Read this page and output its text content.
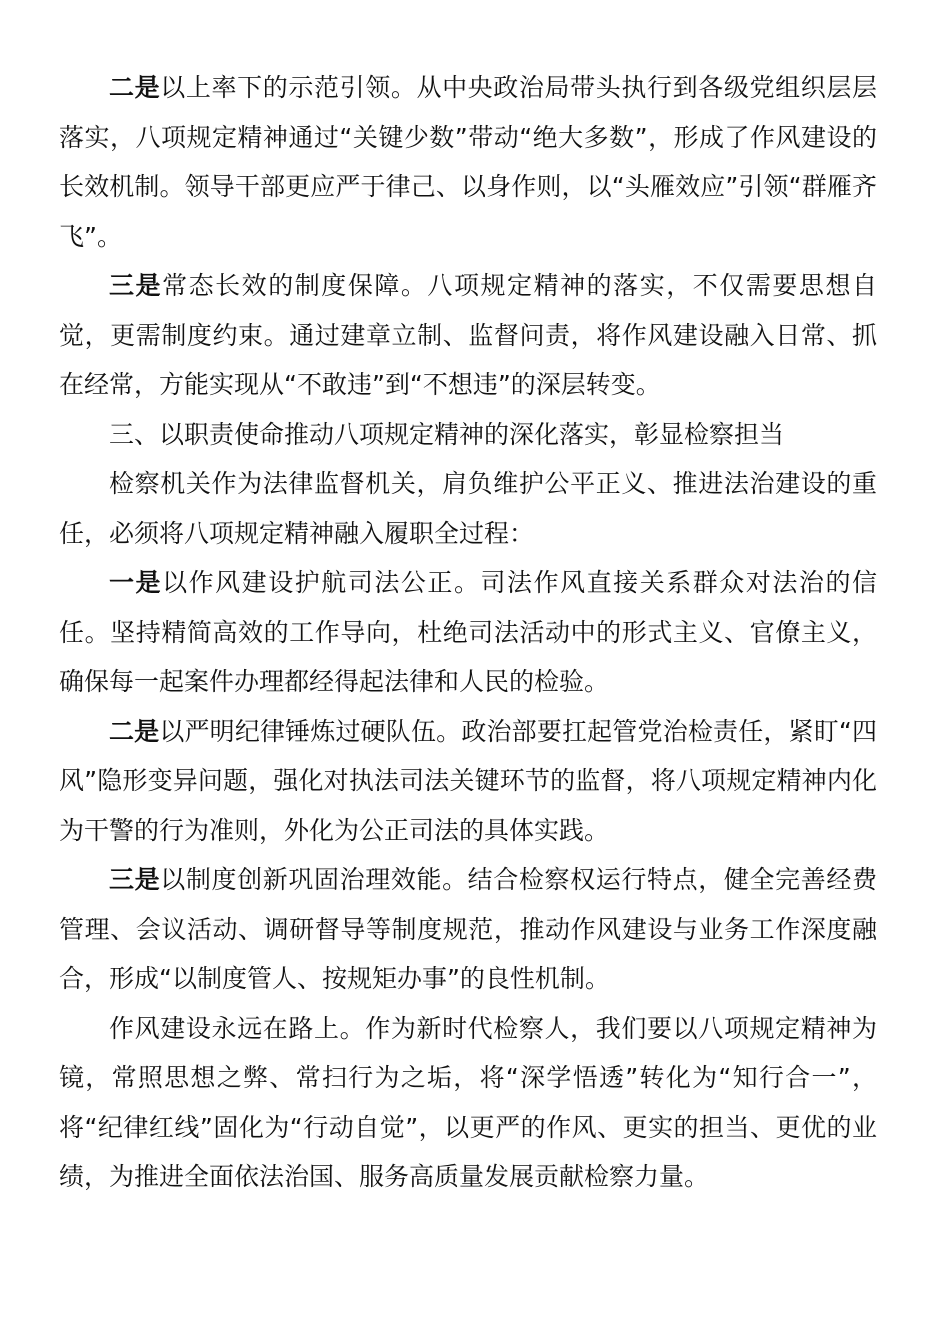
二是以上率下的示范引领。从中央政治局带头执行到各级党组织层层落实，八项规定精神通过“关键少数”带动“绝大多数”，形成了作风建设的长效机制。领导干部更应严于律己、以身作则，以“头雁效应”引领“群雁齐飞”。

三是常态长效的制度保障。八项规定精神的落实，不仅需要思想自觉，更需制度约束。通过建章立制、监督问责，将作风建设融入日常、抓在经常，方能实现从“不敢违”到“不想违”的深层转变。

三、以职责使命推动八项规定精神的深化落实，彰显检察担当

检察机关作为法律监督机关，肩负维护公平正义、推进法治建设的重任，必须将八项规定精神融入履职全过程：

一是以作风建设护航司法公正。司法作风直接关系群众对法治的信任。坚持精简高效的工作导向，杜绝司法活动中的形式主义、官僚主义，确保每一起案件办理都经得起法律和人民的检验。

二是以严明纪律锤炼过硬队伍。政治部要扛起管党治检责任，紧盯“四风”隐形变异问题，强化对执法司法关键环节的监督，将八项规定精神内化为干警的行为准则，外化为公正司法的具体实践。

三是以制度创新巩固治理效能。结合检察权运行特点，健全完善经费管理、会议活动、调研督导等制度规范，推动作风建设与业务工作深度融合，形成“以制度管人、按规矩办事”的良性机制。

作风建设永远在路上。作为新时代检察人，我们要以八项规定精神为镜，常照思想之弊、常扫行为之垢，将“深学悟透”转化为“知行合一”，将“纪律红线”固化为“行动自觉”，以更严的作风、更实的担当、更优的业绩，为推进全面依法治国、服务高质量发展贡献检察力量。
